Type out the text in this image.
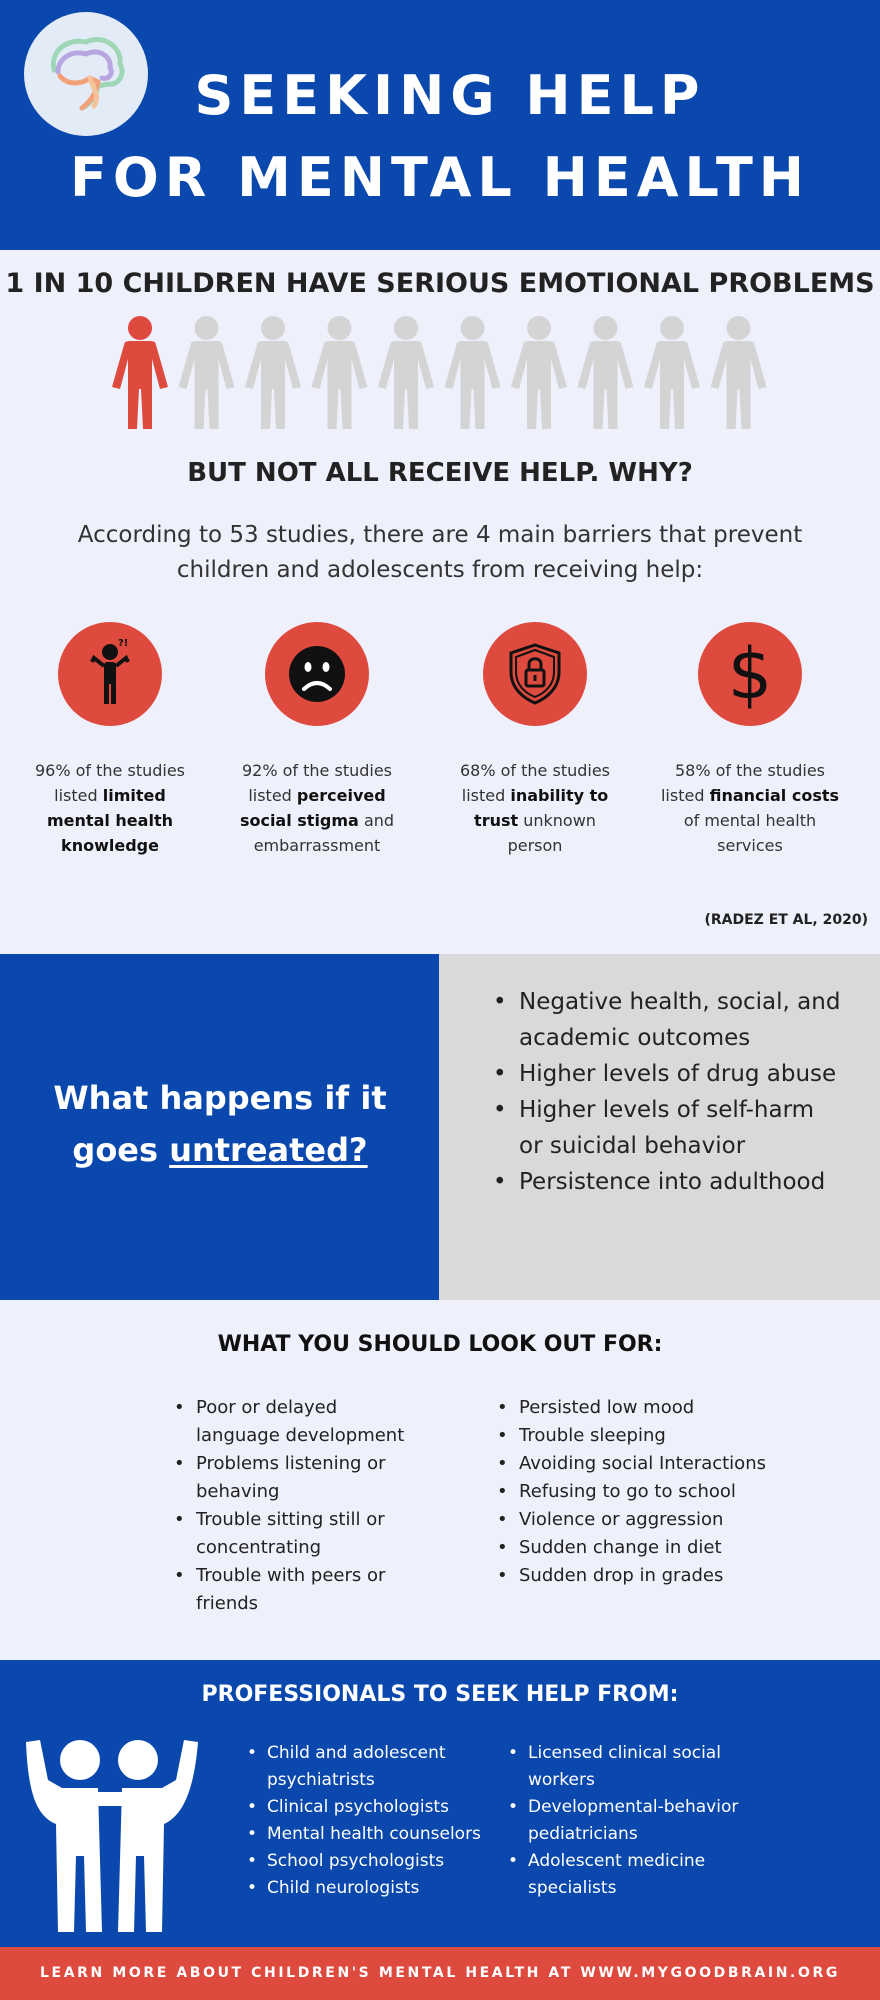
SEEKING HELP
FOR MENTAL HEALTH
1 IN 10 CHILDREN HAVE SERIOUS EMOTIONAL PROBLEMS
BUT NOT ALL RECEIVE HELP. WHY?
According to 53 studies, there are 4 main barriers that prevent children and adolescents from receiving help:
?!
96% of the studies listed limited mental health knowledge
92% of the studies listed perceived social stigma and embarrassment
68% of the studies listed inability to trust unknown person
$
58% of the studies listed financial costs of mental health services
(RADEZ ET AL, 2020)
What happens if it goes untreated?
• Negative health, social, and academic outcomes
• Higher levels of drug abuse
• Higher levels of self-harm or suicidal behavior
• Persistence into adulthood
WHAT YOU SHOULD LOOK OUT FOR:
• Poor or delayed language development
• Problems listening or behaving
• Trouble sitting still or concentrating
• Trouble with peers or friends
• Persisted low mood
• Trouble sleeping
• Avoiding social Interactions
• Refusing to go to school
• Violence or aggression
• Sudden change in diet
• Sudden drop in grades
PROFESSIONALS TO SEEK HELP FROM:
• Child and adolescent psychiatrists
• Clinical psychologists
• Mental health counselors
• School psychologists
• Child neurologists
• Licensed clinical social workers
• Developmental-behavior pediatricians
• Adolescent medicine specialists
LEARN MORE ABOUT CHILDREN'S MENTAL HEALTH AT WWW.MYGOODBRAIN.ORG
